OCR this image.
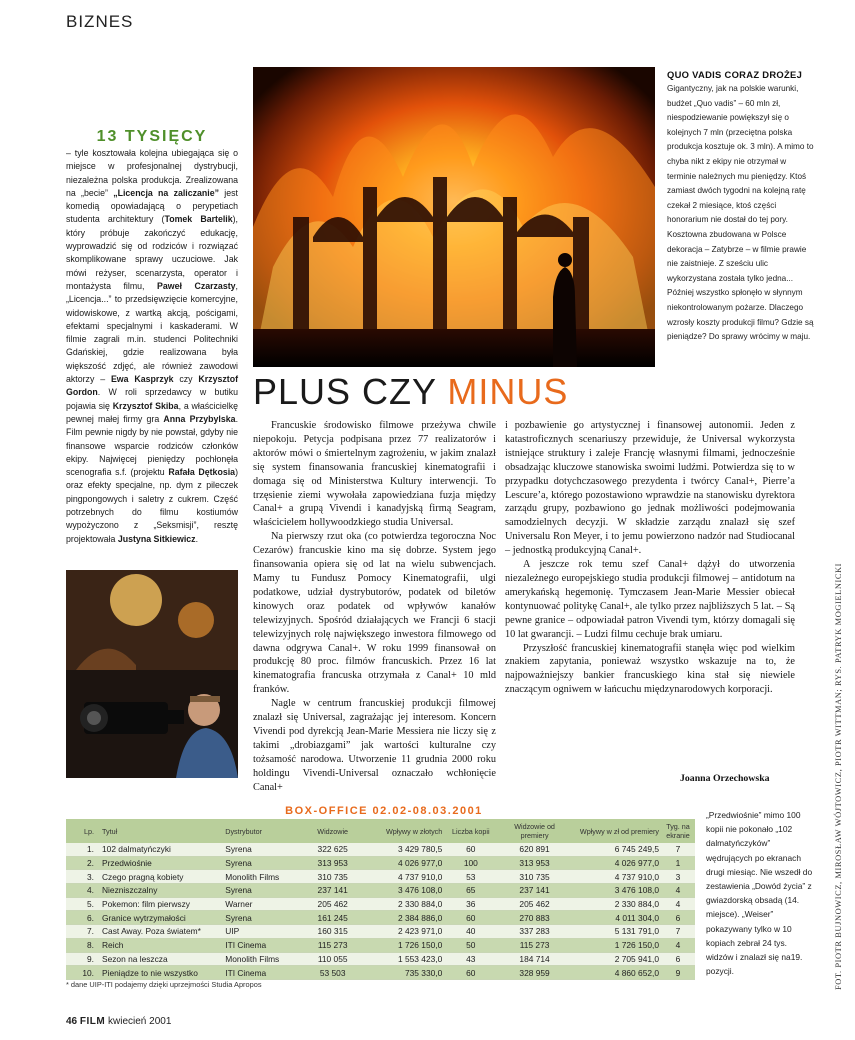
BIZNES
13 TYSIĘCY
– tyle kosztowała kolejna ubiegająca się o miejsce w profesjonalnej dystrybucji, niezależna polska produkcja. Zrealizowana na „becie” „Licencja na zaliczanie” jest komedią opowiadającą o perypetiach studenta architektury (Tomek Bartelik), który próbuje zakończyć edukację, wyprowadzić się od rodziców i rozwiązać skomplikowane sprawy uczuciowe. Jak mówi reżyser, scenarzysta, operator i montażysta filmu, Paweł Czarzasty, „Licencja...” to przedsięwzięcie komercyjne, widowiskowe, z wartką akcją, pościgami, efektami specjalnymi i kaskaderami. W filmie zagrali m.in. studenci Politechniki Gdańskiej, gdzie realizowana była większość zdjęć, ale również zawodowi aktorzy – Ewa Kasprzyk czy Krzysztof Gordon. W roli sprzedawcy w butiku pojawia się Krzysztof Skiba, a właścicielkę pewnej małej firmy gra Anna Przybylska. Film pewnie nigdy by nie powstał, gdyby nie finansowe wsparcie rodziców członków ekipy. Najwięcej pieniędzy pochłonęła scenografia s.f. (projektu Rafała Dętkosia) oraz efekty specjalne, np. dym z pileczek pingpongowych i saletry z cukrem. Część potrzebnych do filmu kostiumów wypożyczono z „Seksmisji”, resztę projektowała Justyna Sitkiewicz.
QUO VADIS CORAZ DROŻEJ
Gigantyczny, jak na polskie warunki, budżet „Quo vadis” – 60 mln zł, niespodziewanie powiększył się o kolejnych 7 mln (przeciętna polska produkcja kosztuje ok. 3 mln). A mimo to chyba nikt z ekipy nie otrzymał w terminie należnych mu pieniędzy. Ktoś zamiast dwóch tygodni na kolejną ratę czekał 2 miesiące, ktoś części honorarium nie dostał do tej pory. Kosztowna zbudowana w Polsce dekoracja – Zatybrze – w filmie prawie nie zaistnieje. Z sześciu ulic wykorzystana została tylko jedna... Później wszystko spłonęło w słynnym niekontrolowanym pożarze. Dlaczego wzrosły koszty produkcji filmu? Gdzie są pieniądze? Do sprawy wrócimy w maju.
PLUS CZY MINUS

Francuskie środowisko filmowe przeżywa chwile niepokoju. Petycja podpisana przez 77 realizatorów i aktorów mówi o śmiertelnym zagrożeniu, w jakim znalazł się system finansowania francuskiej kinematografii i domaga się od Ministerstwa Kultury interwencji. To trzęsienie ziemi wywołała zapowiedziana fuzja między Canal+ a grupą Vivendi i kanadyjską firmą Seagram, właścicielem hollywoodzkiego studia Universal.

Na pierwszy rzut oka (co potwierdza tegoroczna Noc Cezarów) francuskie kino ma się dobrze. System jego finansowania opiera się od lat na wielu subwencjach. Mamy tu Fundusz Pomocy Kinematografii, ulgi podatkowe, udział dystrybutorów, podatek od biletów kinowych oraz podatek od wpływów kanałów telewizyjnych. Spośród działających we Francji 6 stacji telewizyjnych rolę największego inwestora filmowego od dawna odgrywa Canal+. W roku 1999 finansował on produkcję 80 proc. filmów francuskich. Przez 16 lat kinematografia francuska otrzymała z Canal+ 10 mld franków.

Nagle w centrum francuskiej produkcji filmowej znalazł się Universal, zagrażając jej interesom. Koncern Vivendi pod dyrekcją Jean-Marie Messiera nie liczy się z takimi „drobiazgami” jak wartości kulturalne czy tożsamość narodowa. Utworzenie 11 grudnia 2000 roku holdingu Vivendi-Universal oznaczało wchłonięcie Canal+

i pozbawienie go artystycznej i finansowej autonomii. Jeden z katastroficznych scenariuszy przewiduje, że Universal wykorzysta istniejące struktury i zaleje Francję własnymi filmami, jednocześnie obsadzając kluczowe stanowiska swoimi ludźmi. Potwierdza się to w przypadku dotychczasowego prezydenta i twórcy Canal+, Pierre’a Lescure’a, którego pozostawiono wprawdzie na stanowisku dyrektora zarządu grupy, pozbawiono go jednak możliwości podejmowania samodzielnych decyzji. W składzie zarządu znalazł się szef Universalu Ron Meyer, i to jemu powierzono nadzór nad Studiocanal – jednostką produkcyjną Canal+.

A jeszcze rok temu szef Canal+ dążył do utworzenia niezależnego europejskiego studia produkcji filmowej – antidotum na amerykańską hegemonię. Tymczasem Jean-Marie Messier obiecał kontynuować politykę Canal+, ale tylko przez najbliższych 5 lat. – Są pewne granice – odpowiadał patron Vivendi tym, którzy domagali się 10 lat gwarancji. – Ludzi filmu cechuje brak umiaru.

Przyszłość francuskiej kinematografii stanęła więc pod wielkim znakiem zapytania, ponieważ wszystko wskazuje na to, że najpoważniejszy bankier francuskiego kina stał się niewiele znaczącym ogniwem w łańcuchu międzynarodowych korporacji.

Joanna Orzechowska	FOT. PIOTR BUJNOWICZ, MIROSŁAW WÓJTOWICZ, PIOTR WITTMAN; RYS. PATRYK MOGIELNICKI
BOX-OFFICE 02.02-08.03.2001
Lp.	Tytuł	Dystrybutor	Widzowie	Wpływy w złotych	Liczba kopii	Widzowie od premiery	Wpływy w zł od premiery	Tyg. na ekranie
1.	102 dalmatyńczyki	Syrena	322 625	3 429 780,5	60	620 891	6 745 249,5	7
2.	Przedwiośnie	Syrena	313 953	4 026 977,0	100	313 953	4 026 977,0	1
3.	Czego pragną kobiety	Monolith Films	310 735	4 737 910,0	53	310 735	4 737 910,0	3
4.	Niezniszczalny	Syrena	237 141	3 476 108,0	65	237 141	3 476 108,0	4
5.	Pokemon: film pierwszy	Warner	205 462	2 330 884,0	36	205 462	2 330 884,0	4
6.	Granice wytrzymałości	Syrena	161 245	2 384 886,0	60	270 883	4 011 304,0	6
7.	Cast Away. Poza światem*	UIP	160 315	2 423 971,0	40	337 283	5 131 791,0	7
8.	Reich	ITI Cinema	115 273	1 726 150,0	50	115 273	1 726 150,0	4
9.	Sezon na leszcza	Monolith Films	110 055	1 553 423,0	43	184 714	2 705 941,0	6
10.	Pieniądze to nie wszystko	ITI Cinema	53 503	735 330,0	60	328 959	4 860 652,0	9
* dane UIP-ITI podajemy dzięki uprzejmości Studia Apropos
„Przedwiośnie” mimo 100 kopii nie pokonało „102 dalmatyńczyków” wędrujących po ekranach drugi miesiąc. Nie wszedł do zestawienia „Dowód życia” z gwiazdorską obsadą (14. miejsce). „Weiser” pokazywany tylko w 10 kopiach zebrał 24 tys. widzów i znalazł się na19. pozycji.
46 FILM kwiecień 2001
